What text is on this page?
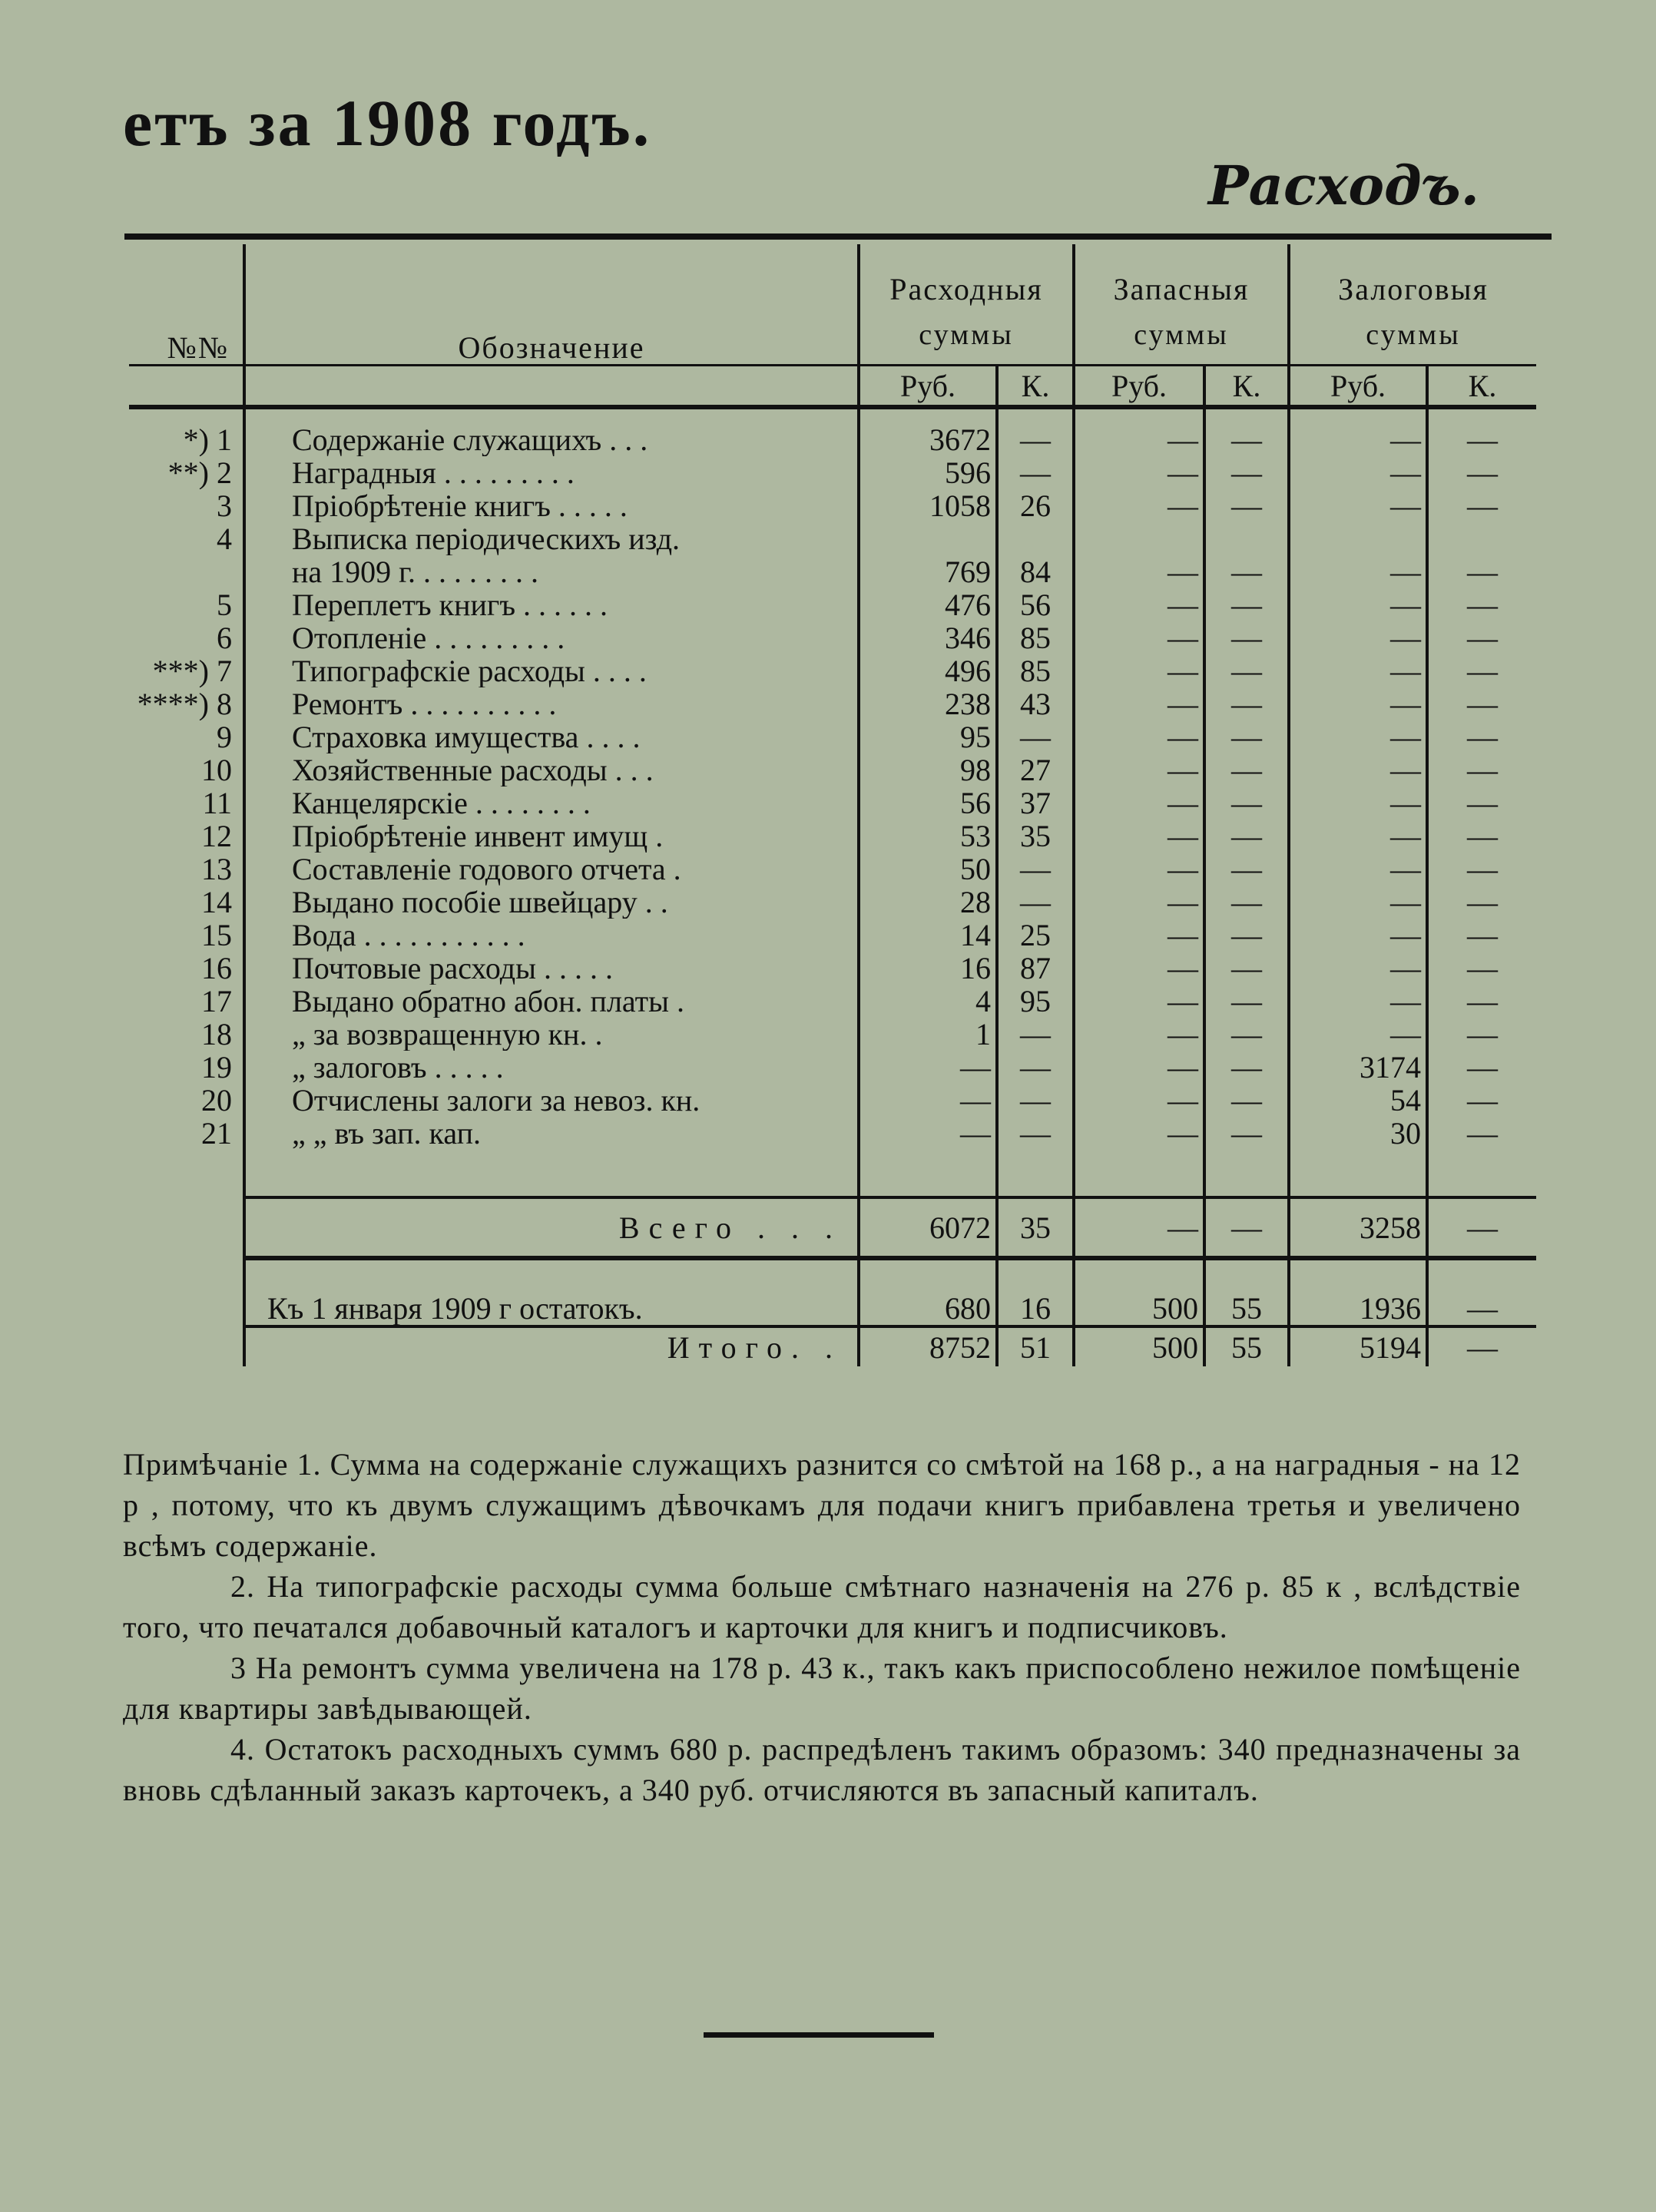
етъ за 1908 годъ.
Расходъ.
№№	Обозначение	Расходныя		Запасныя		Залоговыя	
		суммы		суммы		суммы	
		Руб.	К.	Руб.	К.	Руб.	К.
*) 1	Содержаніе служащихъ . . .	3672	—	—	—	—	—
**) 2	Наградныя . . . . . . . . .	596	—	—	—	—	—
3	Пріобрѣтеніе книгъ . . . . .	1058	26	—	—	—	—
4	Выписка періодическихъ изд.						
	на 1909 г. . . . . . . . .	769	84	—	—	—	—
5	Переплетъ книгъ . . . . . .	476	56	—	—	—	—
6	Отопленіе . . . . . . . . .	346	85	—	—	—	—
***) 7	Типографскіе расходы . . . .	496	85	—	—	—	—
****) 8	Ремонтъ . . . . . . . . . .	238	43	—	—	—	—
9	Страховка имущества . . . .	95	—	—	—	—	—
10	Хозяйственные расходы . . .	98	27	—	—	—	—
11	Канцелярскіе . . . . . . . .	56	37	—	—	—	—
12	Пріобрѣтеніе инвент имущ .	53	35	—	—	—	—
13	Составленіе годового отчета .	50	—	—	—	—	—
14	Выдано пособіе швейцару . .	28	—	—	—	—	—
15	Вода . . . . . . . . . . .	14	25	—	—	—	—
16	Почтовые расходы . . . . .	16	87	—	—	—	—
17	Выдано обратно абон. платы .	4	95	—	—	—	—
18	„ за возвращенную кн. .	1	—	—	—	—	—
19	„ залоговъ . . . . .	—	—	—	—	3174	—
20	Отчислены залоги за невоз. кн.	—	—	—	—	54	—
21	„ „ въ зап. кап.	—	—	—	—	30	—

	Всего . . .	6072	35	—	—	3258	—
	Къ 1 января 1909 г остатокъ.	680	16	500	55	1936	—
	Итого. .	8752	51	500	55	5194	—

Примѣчаніе 1. Сумма на содержаніе служащихъ разнится со смѣтой на 168 р., а на наградныя - на 12 р , потому, что къ двумъ служащимъ дѣвочкамъ для подачи книгъ прибавлена третья и увеличено всѣмъ содержаніе.

2. На типографскіе расходы сумма больше смѣтнаго назначенія на 276 р. 85 к , вслѣдствіе того, что печатался добавочный каталогъ и карточки для книгъ и подписчиковъ.

3 На ремонтъ сумма увеличена на 178 р. 43 к., такъ какъ приспособлено нежилое помѣщеніе для квартиры завѣдывающей.

4. Остатокъ расходныхъ суммъ 680 р. распредѣленъ такимъ образомъ: 340 предназначены за вновь сдѣланный заказъ карточекъ, а 340 руб. отчисляются въ запасный капиталъ.
